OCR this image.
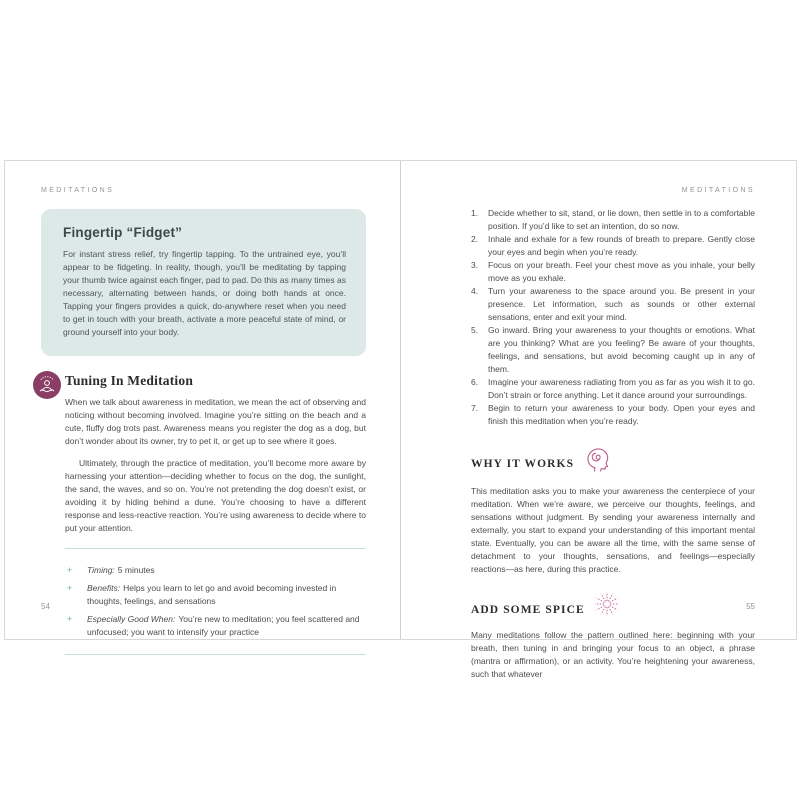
MEDITATIONS
Fingertip “Fidget”
For instant stress relief, try fingertip tapping. To the untrained eye, you’ll appear to be fidgeting. In reality, though, you’ll be meditating by tapping your thumb twice against each finger, pad to pad. Do this as many times as necessary, alternating between hands, or doing both hands at once. Tapping your fingers provides a quick, do-anywhere reset when you need to get in touch with your breath, activate a more peaceful state of mind, or ground yourself into your body.
Tuning In Meditation

When we talk about awareness in meditation, we mean the act of observing and noticing without becoming involved. Imagine you’re sitting on the beach and a cute, fluffy dog trots past. Awareness means you register the dog as a dog, but don’t wonder about its owner, try to pet it, or get up to see where it goes.

Ultimately, through the practice of meditation, you’ll become more aware by harnessing your attention—deciding whether to focus on the dog, the sunlight, the sand, the waves, and so on. You’re not pretending the dog doesn’t exist, or avoiding it by hiding behind a dune. You’re choosing to have a different response and less-reactive reaction. You’re using awareness to decide where to put your attention.

+	Timing: 5 minutes
+	Benefits: Helps you learn to let go and avoid becoming invested in thoughts, feelings, and sensations
+	Especially Good When: You’re new to meditation; you feel scattered and unfocused; you want to intensify your practice
54
MEDITATIONS
1.	Decide whether to sit, stand, or lie down, then settle in to a comfortable position. If you’d like to set an intention, do so now.
2.	Inhale and exhale for a few rounds of breath to prepare. Gently close your eyes and begin when you’re ready.
3.	Focus on your breath. Feel your chest move as you inhale, your belly move as you exhale.
4.	Turn your awareness to the space around you. Be present in your presence. Let information, such as sounds or other external sensations, enter and exit your mind.
5.	Go inward. Bring your awareness to your thoughts or emotions. What are you thinking? What are you feeling? Be aware of your thoughts, feelings, and sensations, but avoid becoming caught up in any of them.
6.	Imagine your awareness radiating from you as far as you wish it to go. Don’t strain or force anything. Let it dance around your surroundings.
7.	Begin to return your awareness to your body. Open your eyes and finish this meditation when you’re ready.
WHY IT WORKS

This meditation asks you to make your awareness the centerpiece of your meditation. When we’re aware, we perceive our thoughts, feelings, and sensations without judgment. By sending your awareness internally and externally, you start to expand your understanding of this important mental state. Eventually, you can be aware all the time, with the same sense of detachment to your thoughts, sensations, and feelings—especially reactions—as here, during this practice.

ADD SOME SPICE

Many meditations follow the pattern outlined here: beginning with your breath, then tuning in and bringing your focus to an object, a phrase (mantra or affirmation), or an activity. You’re heightening your awareness, such that whatever

55
